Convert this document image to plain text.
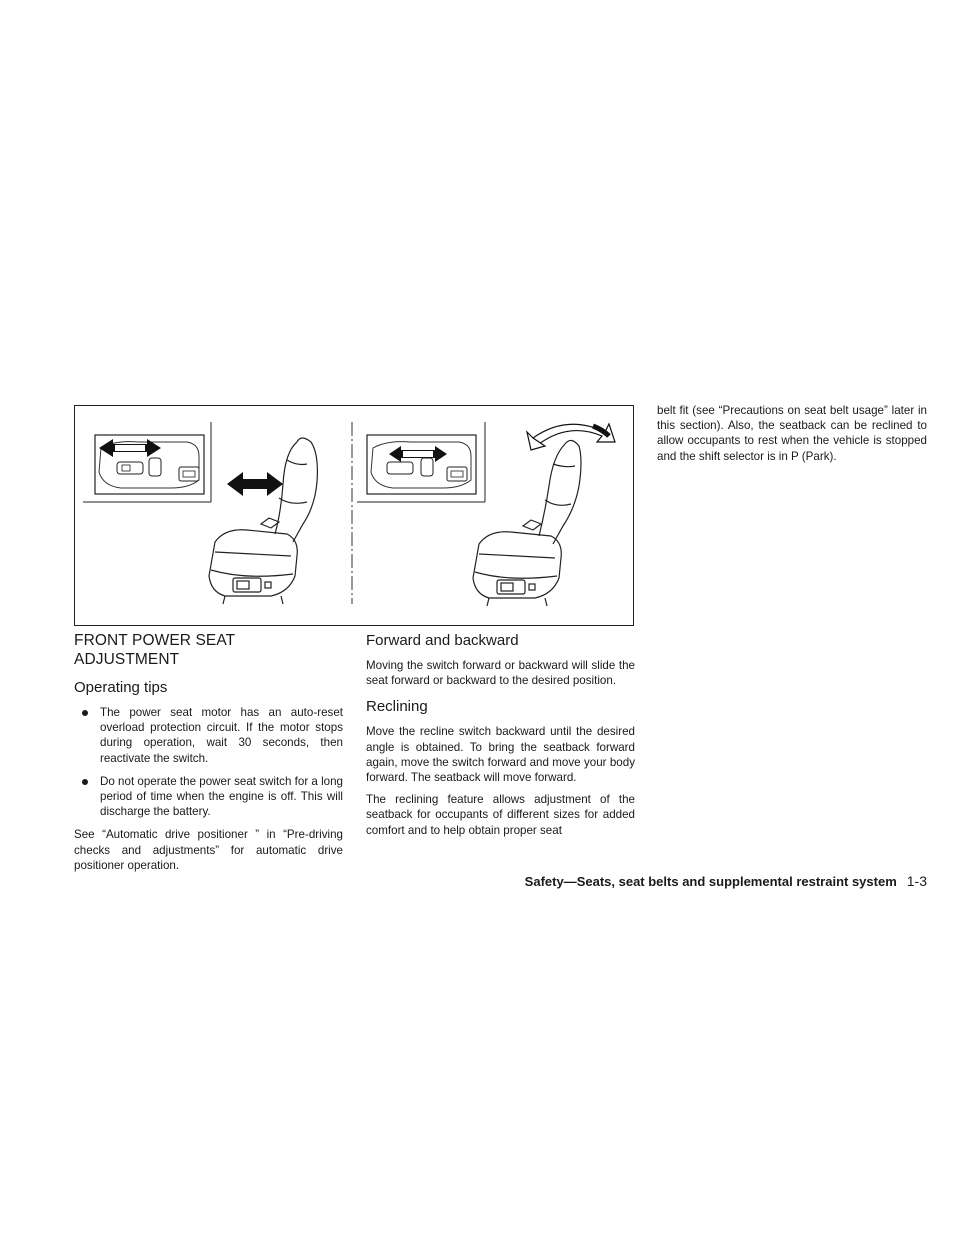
FRONT POWER SEAT ADJUSTMENT
Operating tips
The power seat motor has an auto-reset overload protection circuit. If the motor stops during operation, wait 30 seconds, then reactivate the switch.
Do not operate the power seat switch for a long period of time when the engine is off. This will discharge the battery.

See “Automatic drive positioner ” in “Pre-driving checks and adjustments” for automatic drive positioner operation.

Forward and backward

Moving the switch forward or backward will slide the seat forward or backward to the desired position.

Reclining

Move the recline switch backward until the desired angle is obtained. To bring the seatback forward again, move the switch forward and move your body forward. The seatback will move forward.

The reclining feature allows adjustment of the seatback for occupants of different sizes for added comfort and to help obtain proper seat

belt fit (see “Precautions on seat belt usage” later in this section). Also, the seatback can be reclined to allow occupants to rest when the vehicle is stopped and the shift selector is in P (Park).

Safety—Seats, seat belts and supplemental restraint system 1-3
